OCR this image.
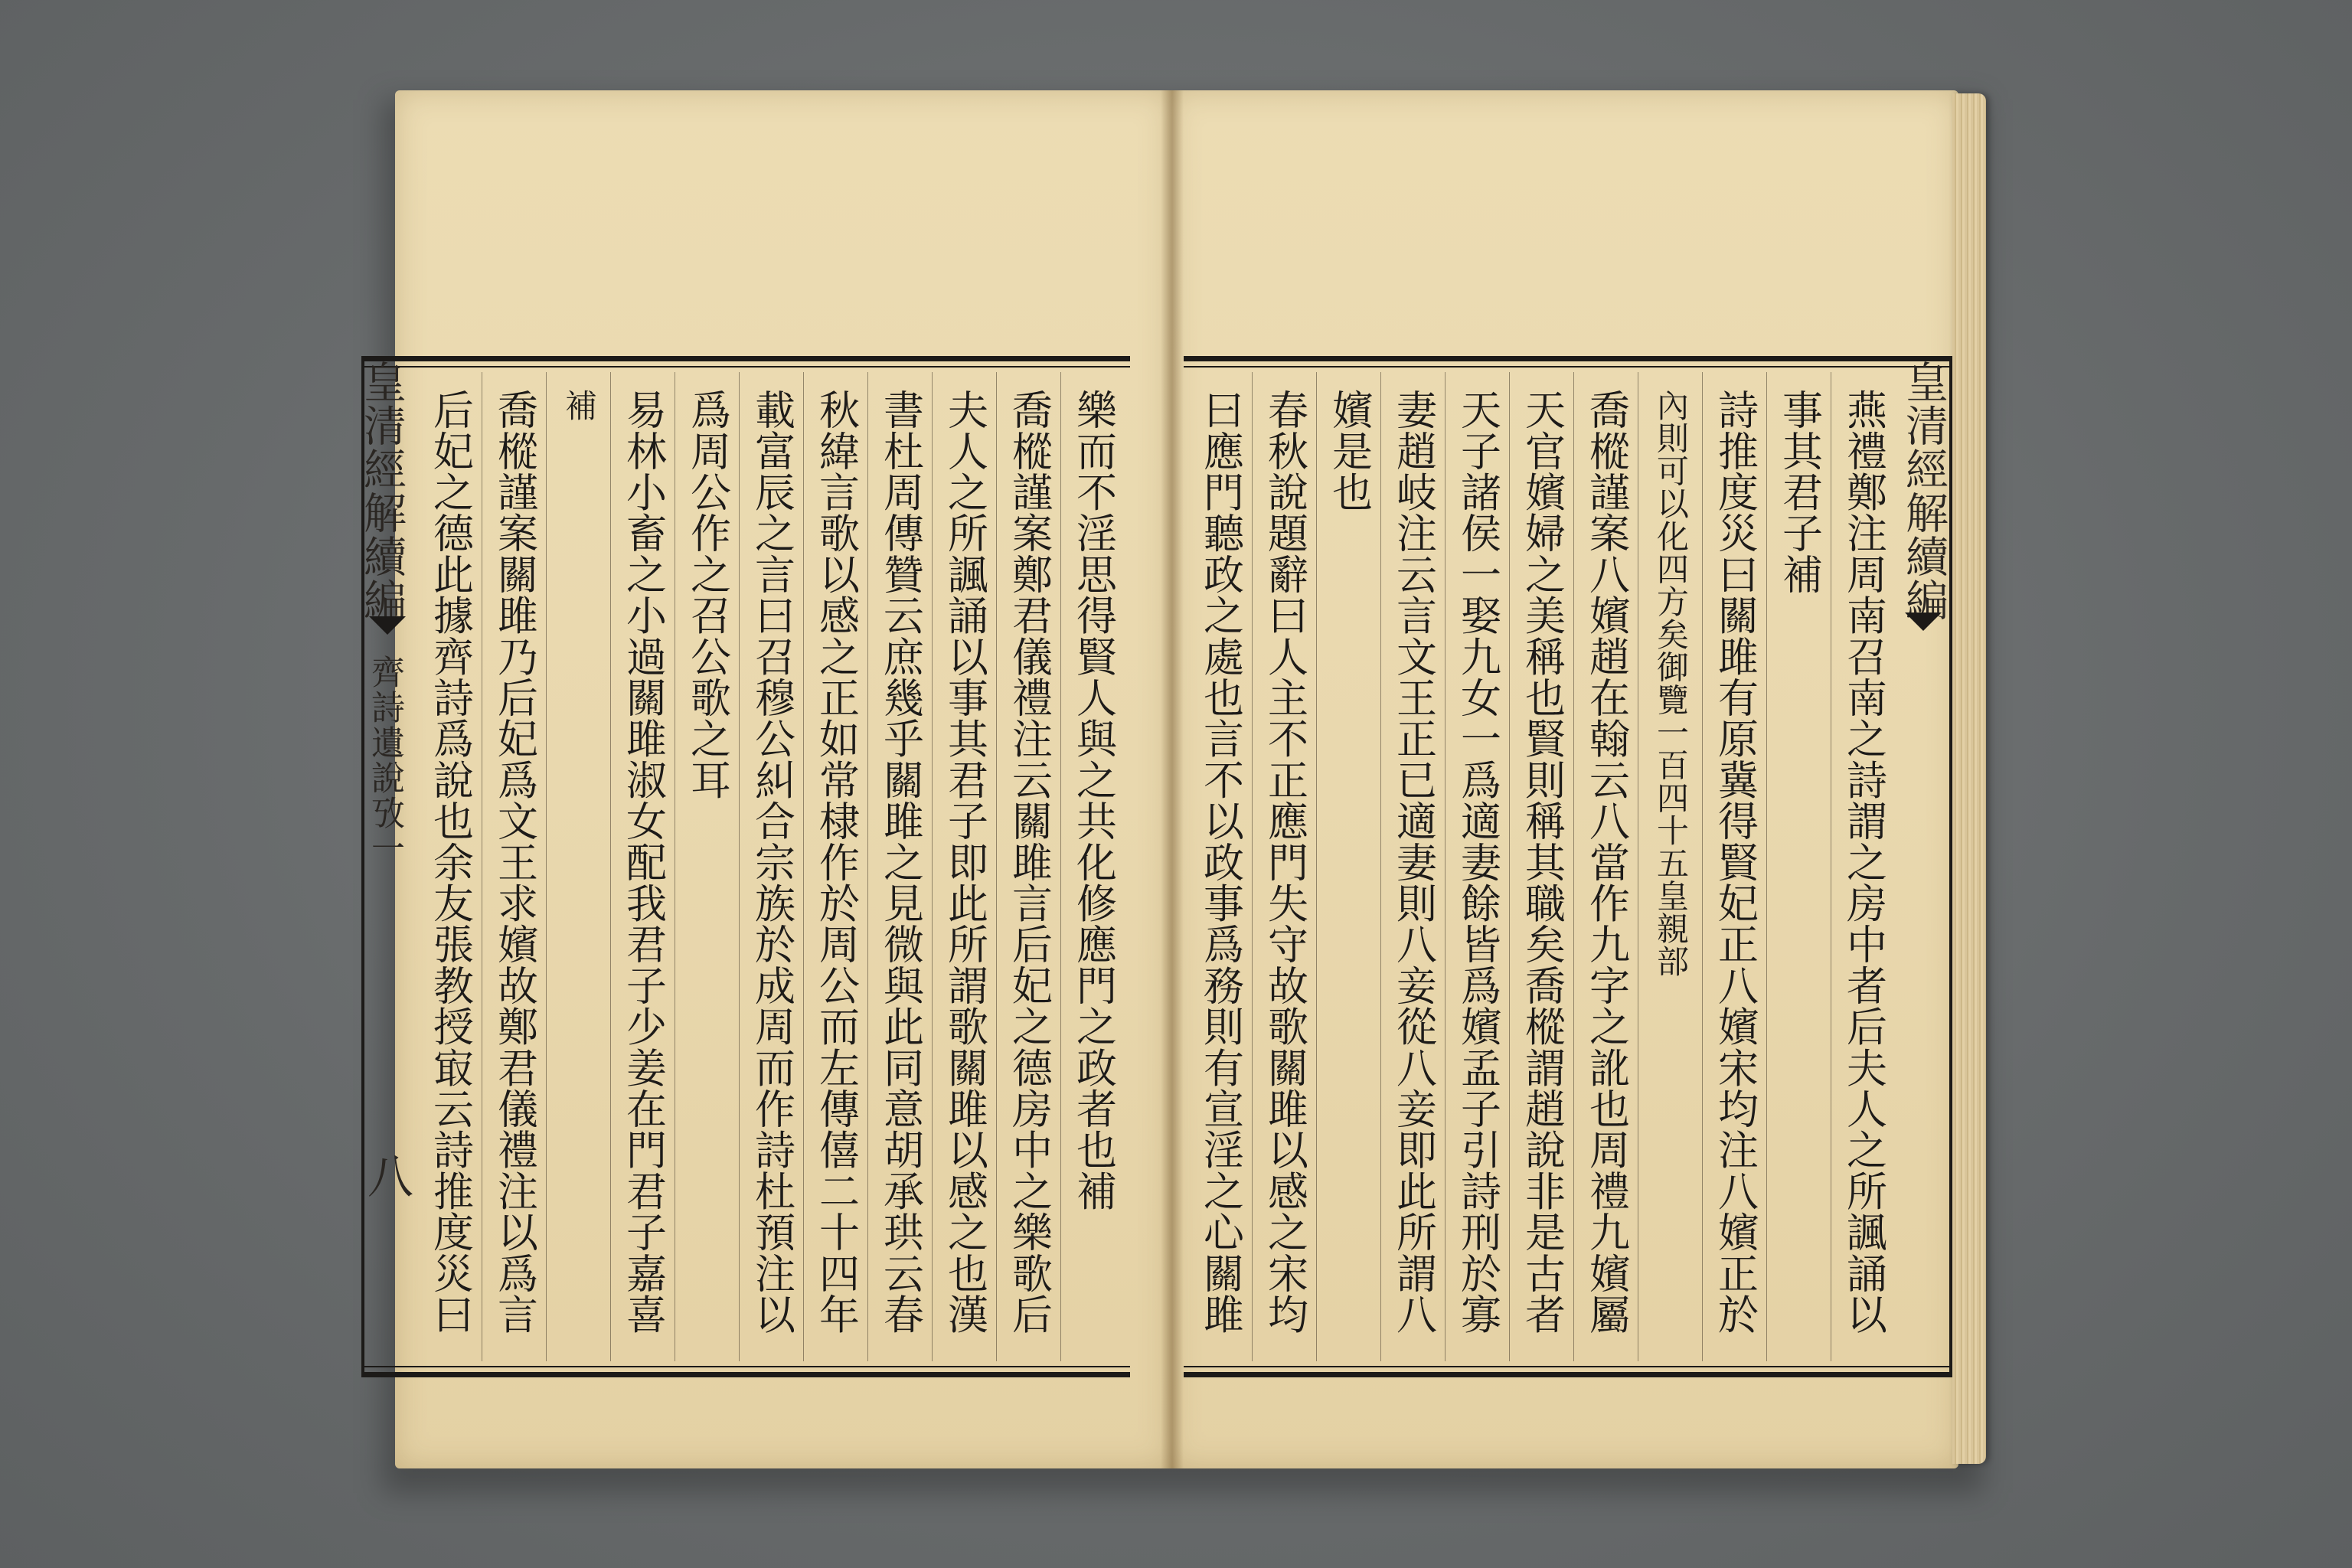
樂而不淫思得賢人與之共化修應門之政者也補
喬樅謹案鄭君儀禮注云關雎言后妃之德房中之樂歌后
夫人之所諷誦以事其君子即此所謂歌關雎以感之也漢
書杜周傳贊云庶幾乎關雎之見微與此同意胡承珙云春
秋緯言歌以感之正如常棣作於周公而左傳僖二十四年
載富辰之言曰召穆公糾合宗族於成周而作詩杜預注以
爲周公作之召公歌之耳
易林小畜之小過關雎淑女配我君子少姜在門君子嘉喜
補
喬樅謹案關雎乃后妃爲文王求嬪故鄭君儀禮注以爲言
后妃之德此據齊詩爲說也余友張教授㝡云詩推度災曰
皇清經解續編
齊詩遺說攷一
八	燕禮鄭注周南召南之詩謂之房中者后夫人之所諷誦以
事其君子補
詩推度災曰關雎有原冀得賢妃正八嬪宋均注八嬪正於
內則可以化四方矣御覽一百四十五皇親部
喬樅謹案八嬪趙在翰云八當作九字之訛也周禮九嬪屬
天官嬪婦之美稱也賢則稱其職矣喬樅謂趙說非是古者
天子諸侯一娶九女一爲適妻餘皆爲嬪孟子引詩刑於寡
妻趙岐注云言文王正已適妻則八妾從八妾即此所謂八
嬪是也
春秋說題辭曰人主不正應門失守故歌關雎以感之宋均
曰應門聽政之處也言不以政事爲務則有宣淫之心關雎	皇清經解續編
